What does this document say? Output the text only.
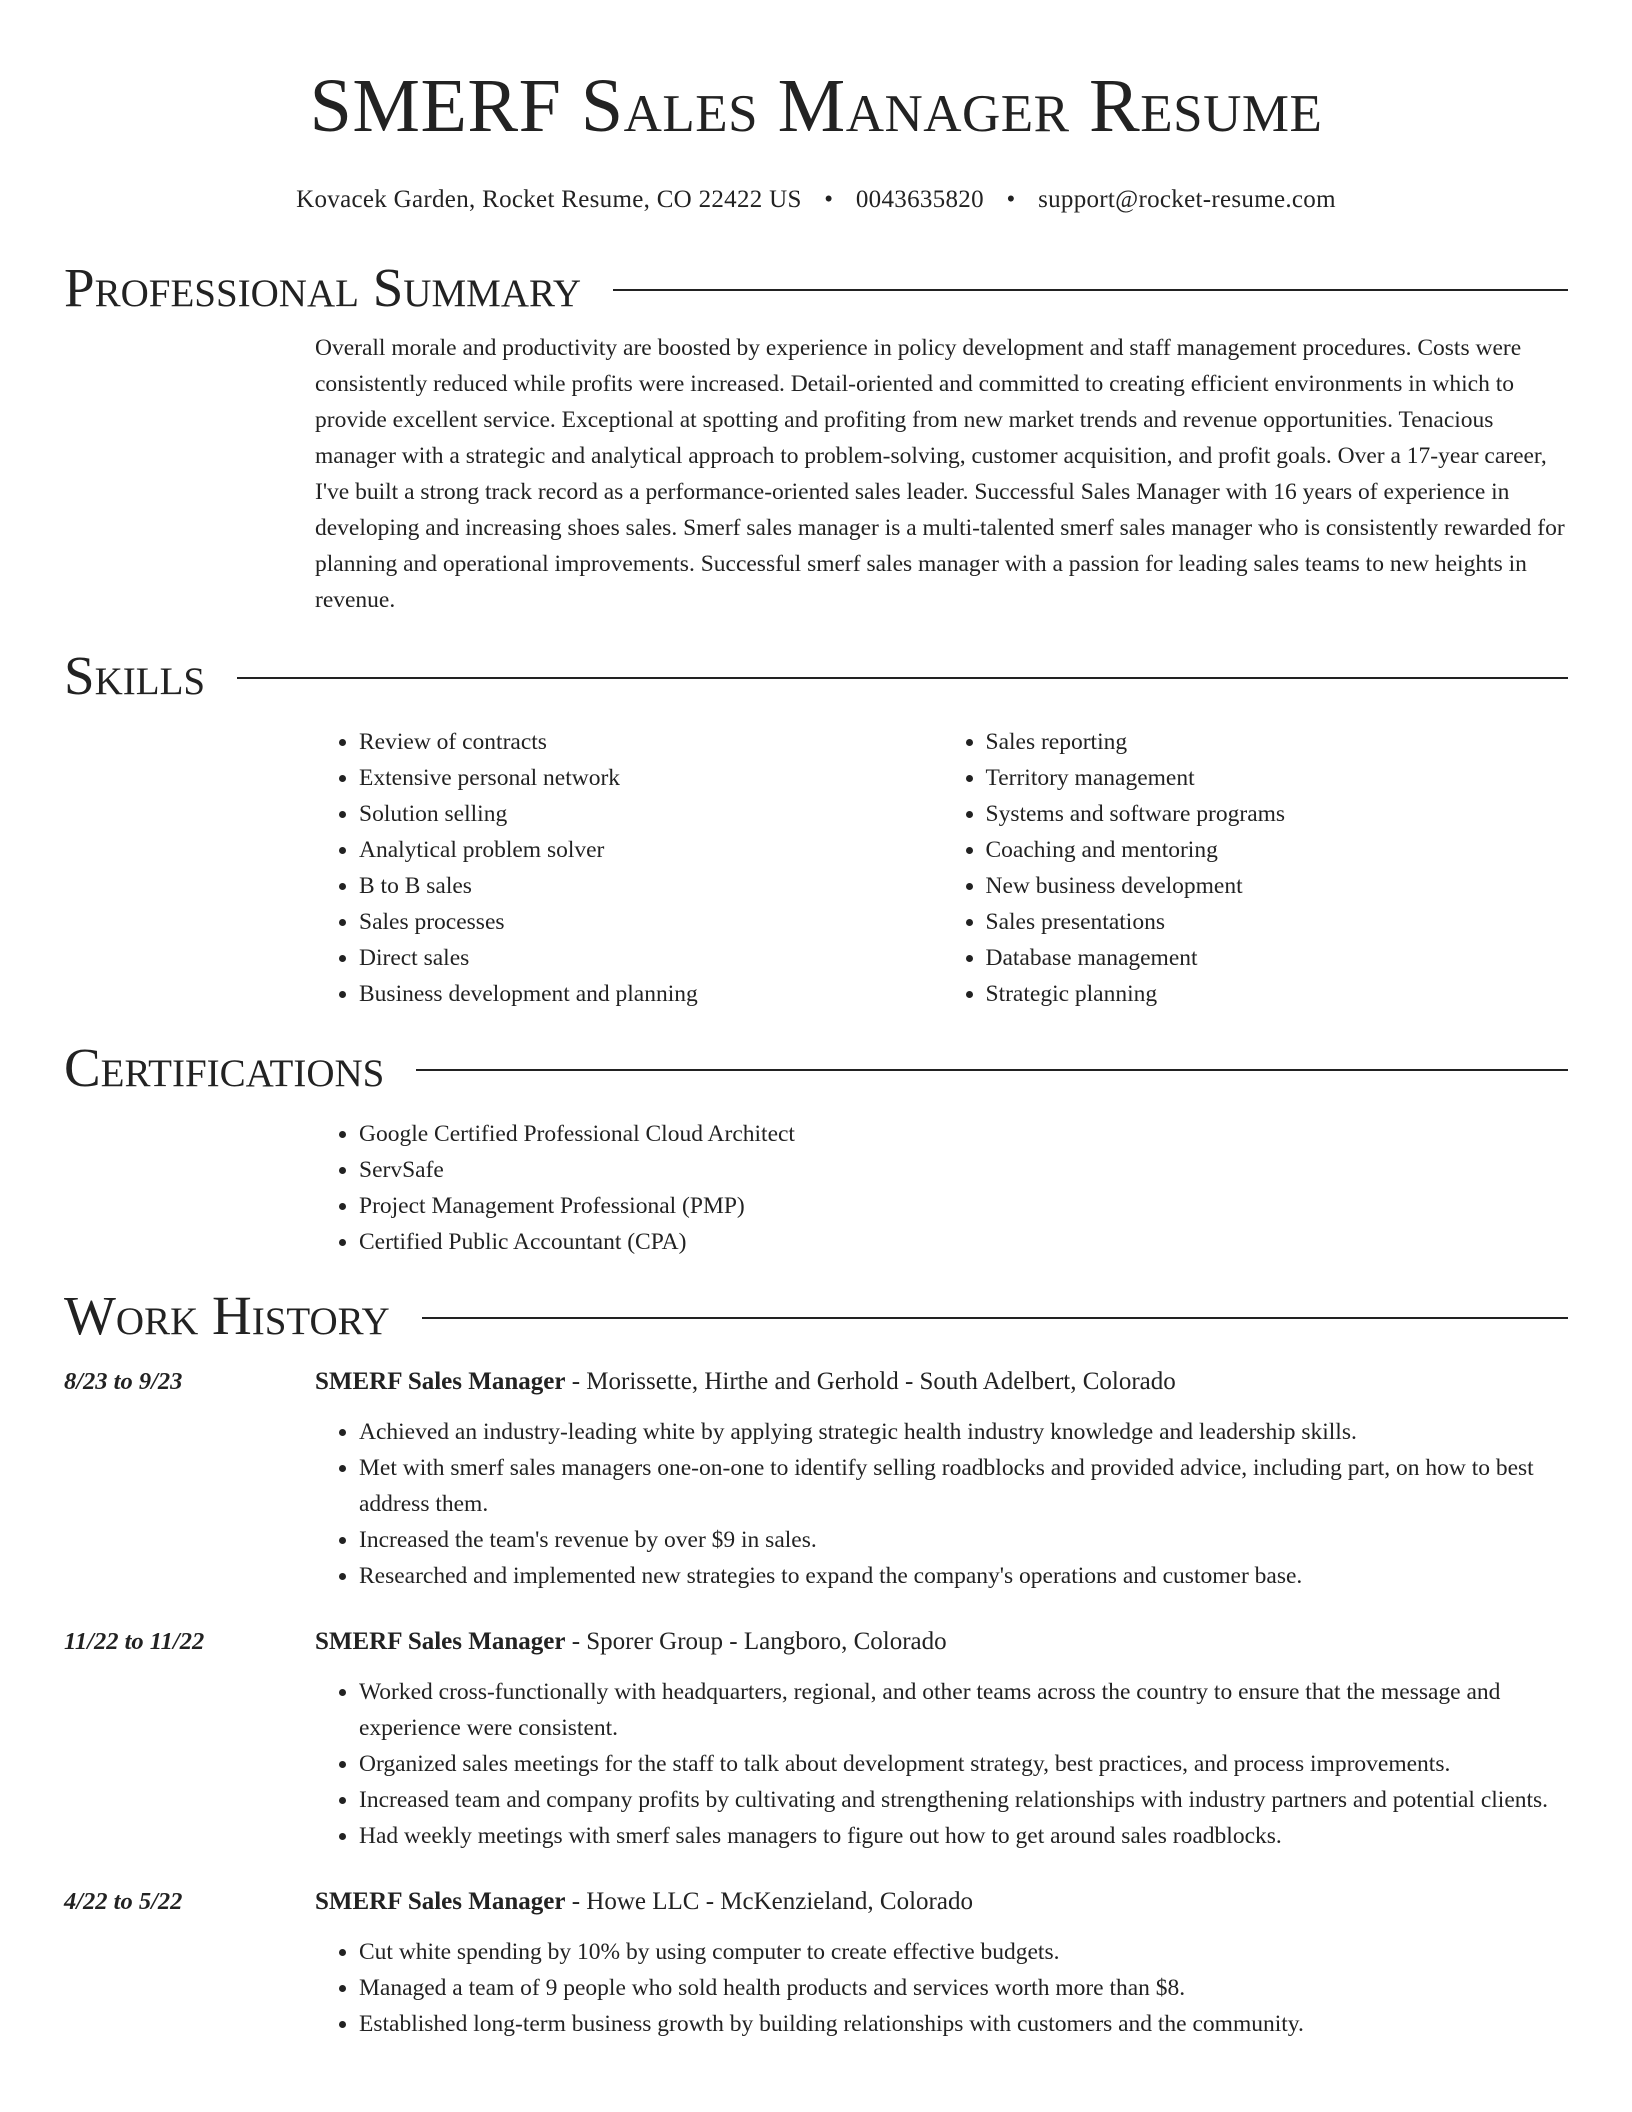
SMERF Sales Manager Resume
Kovacek Garden, Rocket Resume, CO 22422 US • 0043635820 • support@rocket-resume.com
Professional Summary
Overall morale and productivity are boosted by experience in policy development and staff management procedures. Costs were consistently reduced while profits were increased. Detail-oriented and committed to creating efficient environments in which to provide excellent service. Exceptional at spotting and profiting from new market trends and revenue opportunities. Tenacious manager with a strategic and analytical approach to problem-solving, customer acquisition, and profit goals. Over a 17-year career, I've built a strong track record as a performance-oriented sales leader. Successful Sales Manager with 16 years of experience in developing and increasing shoes sales. Smerf sales manager is a multi-talented smerf sales manager who is consistently rewarded for planning and operational improvements. Successful smerf sales manager with a passion for leading sales teams to new heights in revenue.
Skills
• Review of contracts
• Extensive personal network
• Solution selling
• Analytical problem solver
• B to B sales
• Sales processes
• Direct sales
• Business development and planning
• Sales reporting
• Territory management
• Systems and software programs
• Coaching and mentoring
• New business development
• Sales presentations
• Database management
• Strategic planning
Certifications
• Google Certified Professional Cloud Architect
• ServSafe
• Project Management Professional (PMP)
• Certified Public Accountant (CPA)
Work History
8/23 to 9/23	SMERF Sales Manager - Morissette, Hirthe and Gerhold - South Adelbert, Colorado
• Achieved an industry-leading white by applying strategic health industry knowledge and leadership skills.
• Met with smerf sales managers one-on-one to identify selling roadblocks and provided advice, including part, on how to best address them.
• Increased the team's revenue by over $9 in sales.
• Researched and implemented new strategies to expand the company's operations and customer base.
11/22 to 11/22	SMERF Sales Manager - Sporer Group - Langboro, Colorado
• Worked cross-functionally with headquarters, regional, and other teams across the country to ensure that the message and experience were consistent.
• Organized sales meetings for the staff to talk about development strategy, best practices, and process improvements.
• Increased team and company profits by cultivating and strengthening relationships with industry partners and potential clients.
• Had weekly meetings with smerf sales managers to figure out how to get around sales roadblocks.
4/22 to 5/22	SMERF Sales Manager - Howe LLC - McKenzieland, Colorado
• Cut white spending by 10% by using computer to create effective budgets.
• Managed a team of 9 people who sold health products and services worth more than $8.
• Established long-term business growth by building relationships with customers and the community.
